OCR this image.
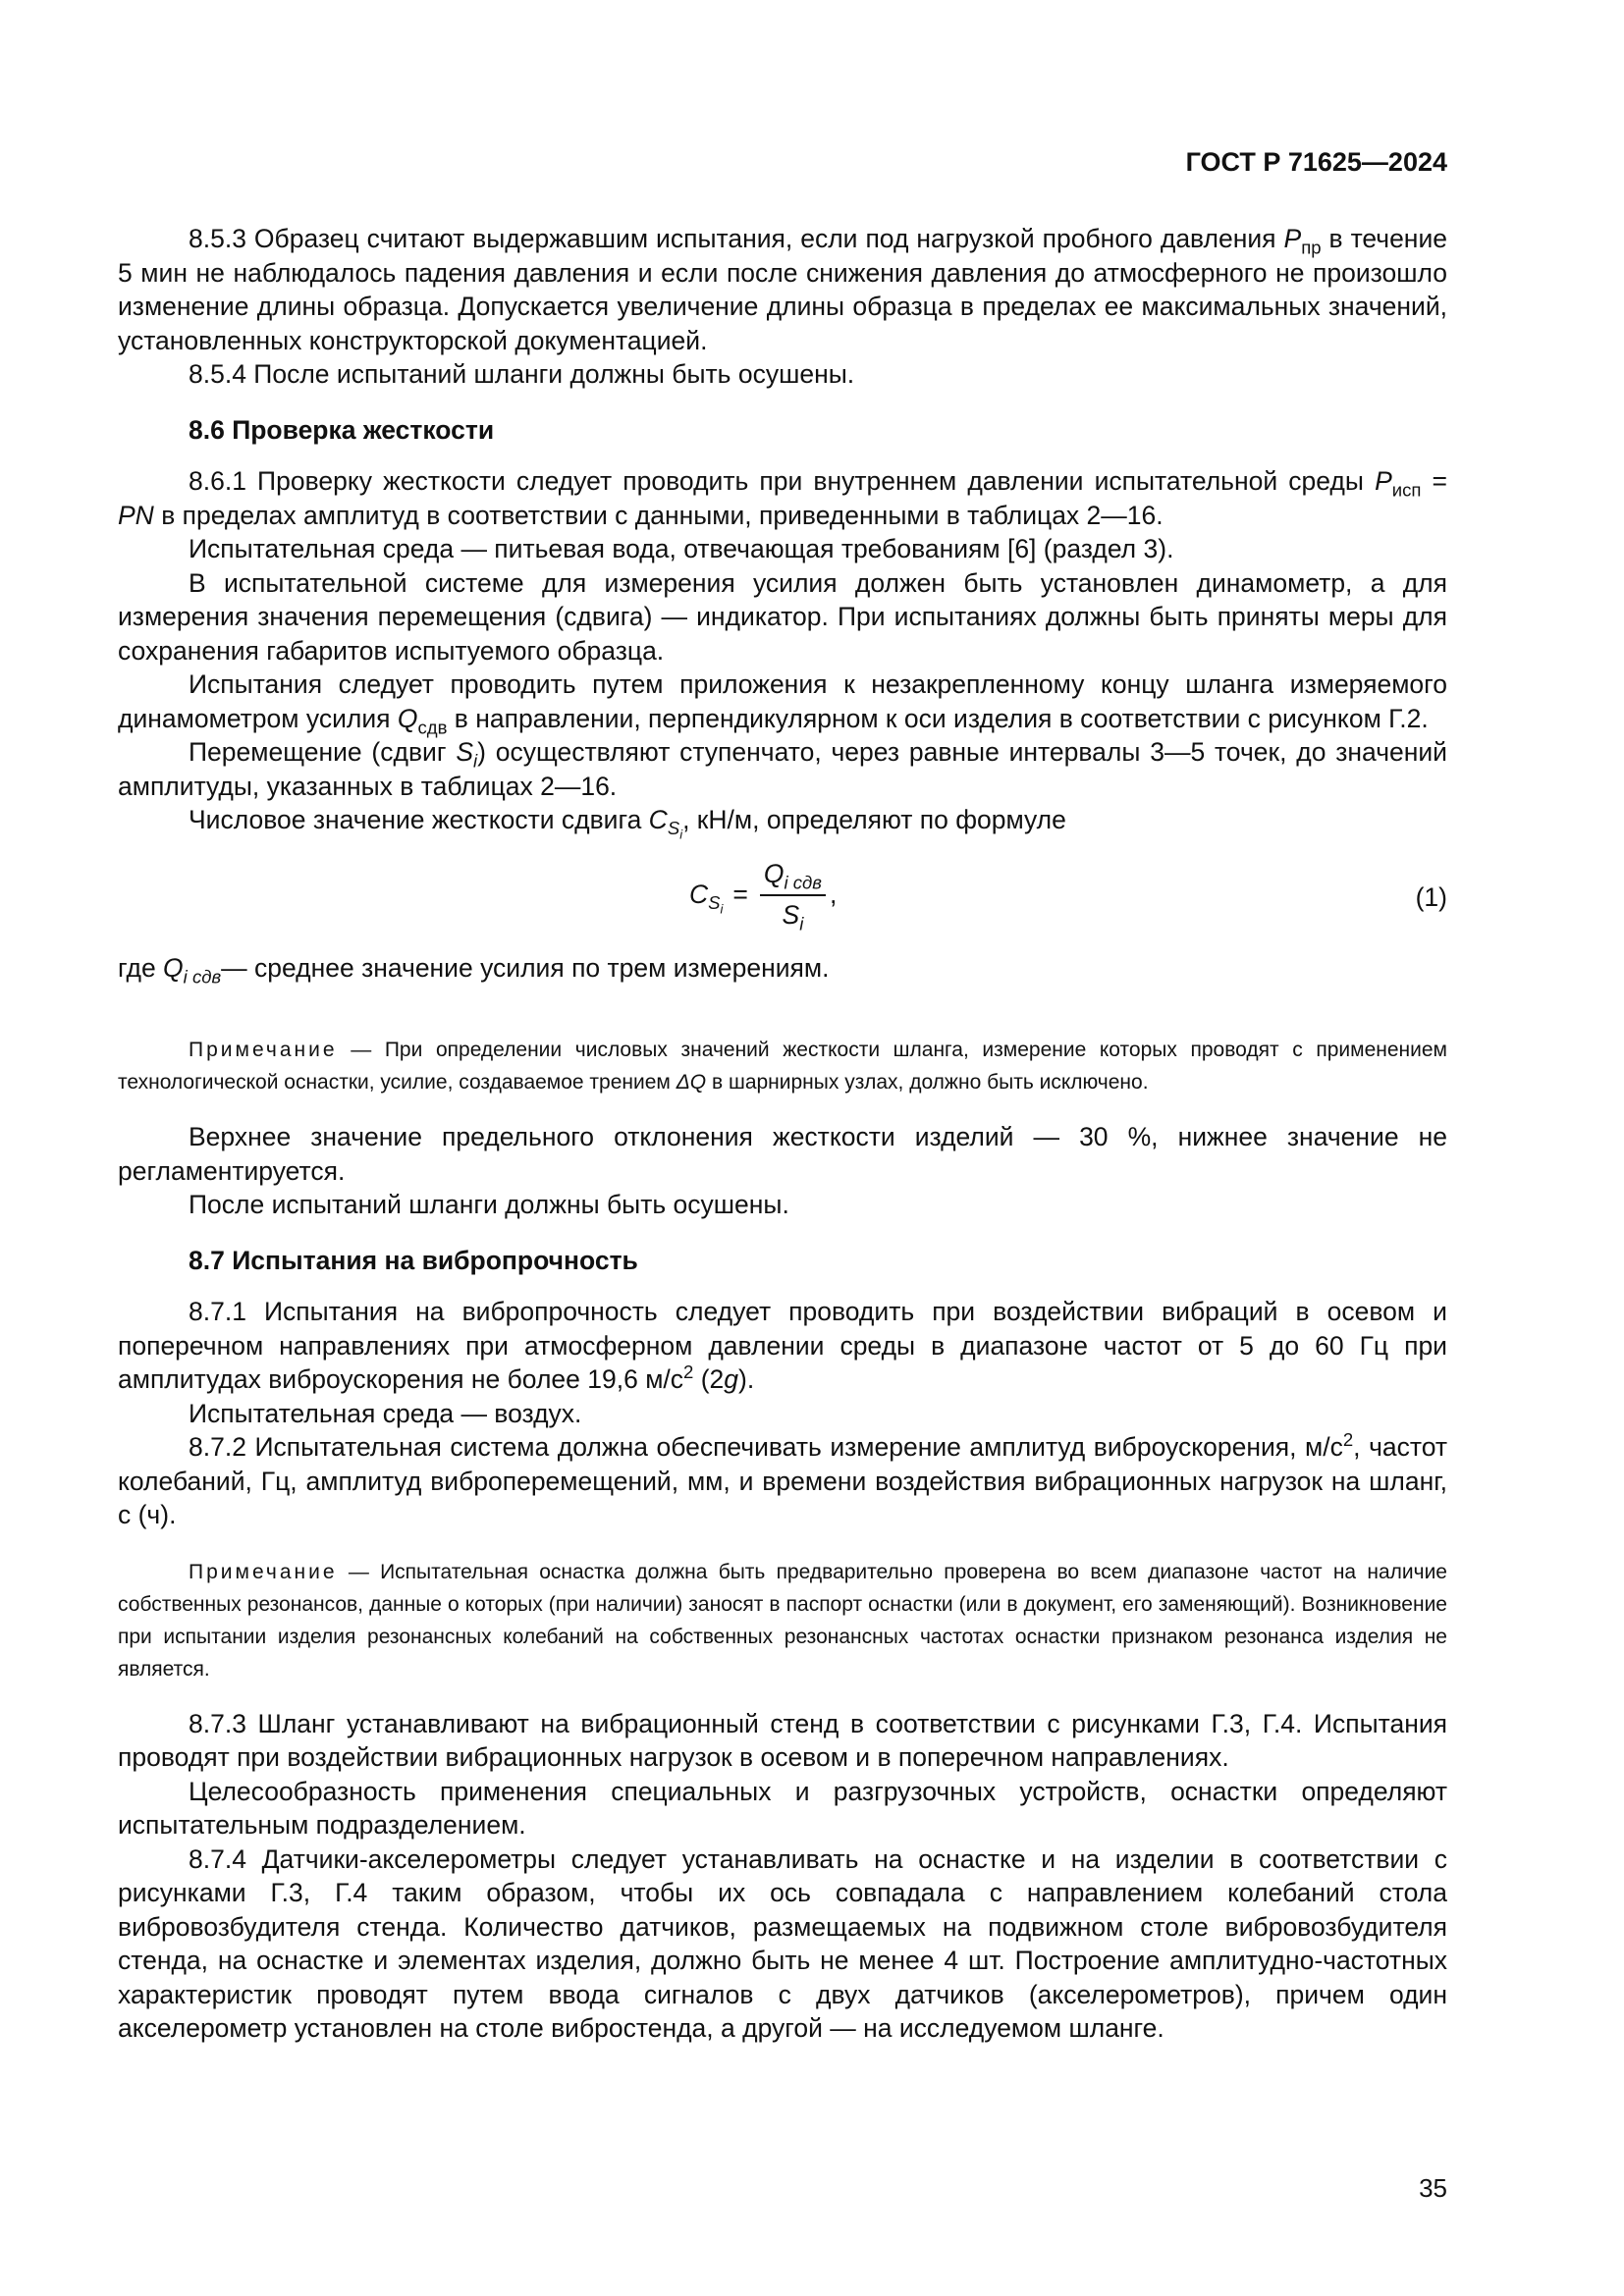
ГОСТ Р 71625—2024

8.5.3 Образец считают выдержавшим испытания, если под нагрузкой пробного давления $P_{пр}$ в течение 5 мин не наблюдалось падения давления и если после снижения давления до атмосферного не произошло изменение длины образца. Допускается увеличение длины образца в пределах ее максимальных значений, установленных конструкторской документацией.

8.5.4 После испытаний шланги должны быть осушены.

8.6 Проверка жесткости

8.6.1 Проверку жесткости следует проводить при внутреннем давлении испытательной среды $P_{исп}$ = PN в пределах амплитуд в соответствии с данными, приведенными в таблицах 2—16.

Испытательная среда — питьевая вода, отвечающая требованиям [6] (раздел 3).

В испытательной системе для измерения усилия должен быть установлен динамометр, а для измерения значения перемещения (сдвига) — индикатор. При испытаниях должны быть приняты меры для сохранения габаритов испытуемого образца.

Испытания следует проводить путем приложения к незакрепленному концу шланга измеряемого динамометром усилия $Q_{сдв}$ в направлении, перпендикулярном к оси изделия в соответствии с рисунком Г.2.

Перемещение (сдвиг $S_i$) осуществляют ступенчато, через равные интервалы 3—5 точек, до значений амплитуды, указанных в таблицах 2—16.

Числовое значение жесткости сдвига $C_{S_i}$, кН/м, определяют по формуле

$C_{S_i}$
= $\frac{Q_{i сдв}}{S_i}$ ,	(1)

где $Q_{i сдв}—$ среднее значение усилия по трем измерениям.

Примечание — При определении числовых значений жесткости шланга, измерение которых проводят с применением технологической оснастки, усилие, создаваемое трением ΔQ в шарнирных узлах, должно быть исключено.

Верхнее значение предельного отклонения жесткости изделий — 30 %, нижнее значение не регламентируется.

После испытаний шланги должны быть осушены.

8.7 Испытания на вибропрочность

8.7.1 Испытания на вибропрочность следует проводить при воздействии вибраций в осевом и поперечном направлениях при атмосферном давлении среды в диапазоне частот от 5 до 60 Гц при амплитудах виброускорения не более 19,6 $м/с^2$ (2g).

Испытательная среда — воздух.

8.7.2 Испытательная система должна обеспечивать измерение амплитуд виброускорения, $м/с^2$, частот колебаний, Гц, амплитуд виброперемещений, мм, и времени воздействия вибрационных нагрузок на шланг, с (ч).

Примечание — Испытательная оснастка должна быть предварительно проверена во всем диапазоне частот на наличие собственных резонансов, данные о которых (при наличии) заносят в паспорт оснастки (или в документ, его заменяющий). Возникновение при испытании изделия резонансных колебаний на собственных резонансных частотах оснастки признаком резонанса изделия не является.

8.7.3 Шланг устанавливают на вибрационный стенд в соответствии с рисунками Г.3, Г.4. Испытания проводят при воздействии вибрационных нагрузок в осевом и в поперечном направлениях.

Целесообразность применения специальных и разгрузочных устройств, оснастки определяют испытательным подразделением.

8.7.4 Датчики-акселерометры следует устанавливать на оснастке и на изделии в соответствии с рисунками Г.3, Г.4 таким образом, чтобы их ось совпадала с направлением колебаний стола вибровозбудителя стенда. Количество датчиков, размещаемых на подвижном столе вибровозбудителя стенда, на оснастке и элементах изделия, должно быть не менее 4 шт. Построение амплитудно-частотных характеристик проводят путем ввода сигналов с двух датчиков (акселерометров), причем один акселерометр установлен на столе вибростенда, а другой — на исследуемом шланге.

35
